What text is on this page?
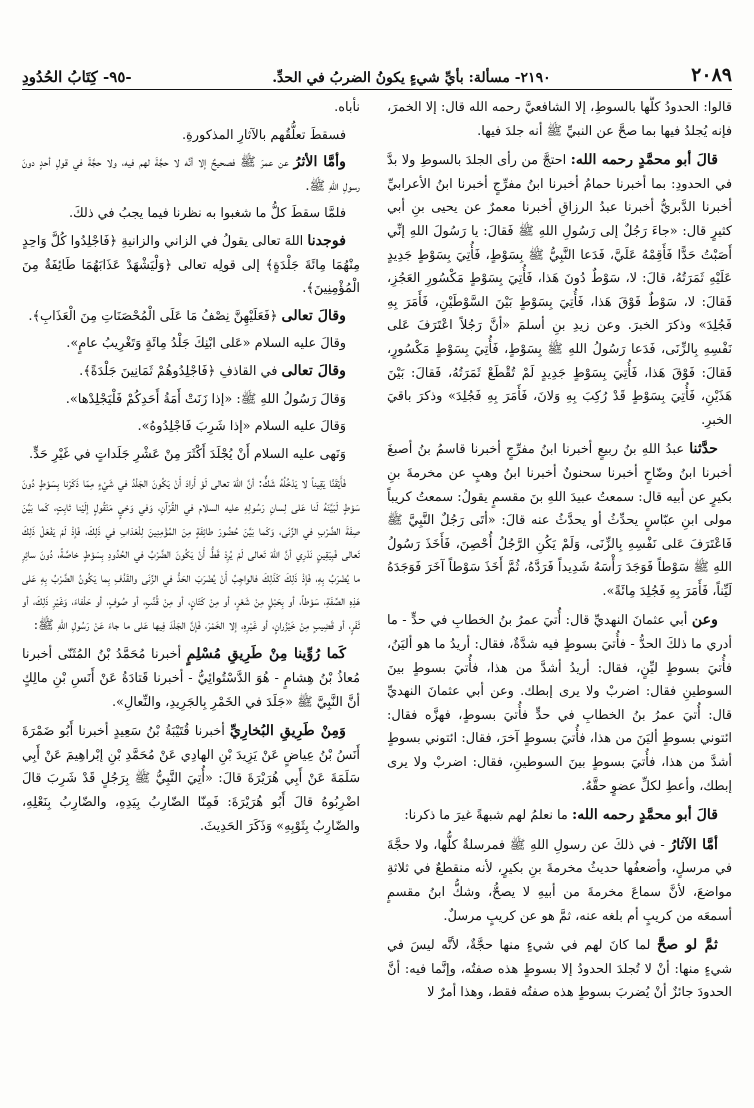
٢٠٨٩
٢١٩٠- مسألة: بأيِّ شيءٍ يكونُ الضربُ في الحدِّ.
-٩٥- كِتَابُ الحُدُودِ

قالوا: الحدودُ كلُّها بالسوطِ، إلا الشافعيَّ رحمه الله قال: إلا الخمرَ، فإنه يُجلدُ فيها بما صحَّ عن النبيِّ ﷺ أنه جلدَ فيها.

قالَ أبو محمَّدٍ رحمه الله: احتجَّ من رأى الجلدَ بالسوطِ ولا بدَّ في الحدودِ: بما أخبرنا حمامُ أخبرنا ابنُ مفرِّجٍ أخبرنا ابنُ الأعرابيِّ أخبرنا الدَّبريُّ أخبرنا عبدُ الرزاقِ أخبرنا معمرٌ عن يحيى بنِ أبي كثيرٍ قال: «جاءَ رَجُلٌ إلى رَسُولِ اللهِ ﷺ فَقالَ: يا رَسُولَ اللهِ إنِّي أَصَبْتُ حَدًّا فَأَقِمْهُ عَلَيَّ، فَدَعا النَّبِيُّ ﷺ بِسَوْطٍ، فَأُتِيَ بِسَوْطٍ جَدِيدٍ عَلَيْهِ ثَمَرَتُهُ، قالَ: لا، سَوْطٌ دُونَ هَذا، فَأُتِيَ بِسَوْطٍ مَكْسُورِ العَجُزِ، فَقالَ: لا، سَوْطٌ فَوْقَ هَذا، فَأُتِيَ بِسَوْطٍ بَيْنَ السَّوْطَيْنِ، فَأَمَرَ بِهِ فَجُلِدَ» وذكرَ الخبرَ. وعن زيدِ بنِ أسلمَ «أنَّ رَجُلاً اعْتَرَفَ عَلى نَفْسِهِ بِالزِّنَى، فَدَعا رَسُولُ اللهِ ﷺ بِسَوْطٍ، فَأُتِيَ بِسَوْطٍ مَكْسُورٍ، فَقالَ: فَوْقَ هَذا، فَأُتِيَ بِسَوْطٍ جَدِيدٍ لَمْ تُقْطَعْ ثَمَرَتُهُ، فَقالَ: بَيْنَ هَذَيْنِ، فَأُتِيَ بِسَوْطٍ قَدْ رُكِبَ بِهِ وَلانَ، فَأَمَرَ بِهِ فَجُلِدَ» وذكرَ باقيَ الخبرِ.

حدَّثنا عبدُ اللهِ بنُ ربيعٍ أخبرنا ابنُ مفرِّجٍ أخبرنا قاسمُ بنُ أصبغَ أخبرنا ابنُ وضّاحٍ أخبرنا سحنونٌ أخبرنا ابنُ وهبٍ عن مخرمةَ بنِ بكيرٍ عن أبيه قال: سمعتُ عبيدَ اللهِ بنَ مقسمٍ يقولُ: سمعتُ كريباً مولى ابنِ عبّاسٍ يحدِّثُ أو يحدَّثُ عنه قالَ: «أتَى رَجُلٌ النَّبِيَّ ﷺ فَاعْتَرَفَ عَلى نَفْسِهِ بِالزِّنَى، وَلَمْ يَكُنِ الرَّجُلُ أُحْصِنَ، فَأَخَذَ رَسُولُ اللهِ ﷺ سَوْطاً فَوَجَدَ رَأْسَهُ شَدِيداً فَرَدَّهُ، ثُمَّ أَخَذَ سَوْطاً آخَرَ فَوَجَدَهُ لَيِّناً، فَأَمَرَ بِهِ فَجُلِدَ مِائَةً».

وعن أبي عثمانَ النهديِّ قال: أُتيَ عمرُ بنُ الخطابِ في حدٍّ - ما أدري ما ذلكَ الحدُّ - فأُتيَ بسوطٍ فيه شدَّةٌ، فقال: أريدُ ما هو أليَنُ، فأُتيَ بسوطٍ ليِّنٍ، فقال: أريدُ أشدَّ من هذا، فأُتيَ بسوطٍ بينَ السوطينِ فقال: اضربْ ولا يرى إبطك. وعن أبي عثمانَ النهديِّ قال: أُتيَ عمرُ بنُ الخطابِ في حدٍّ فأُتيَ بسوطٍ، فهزَّه فقال: ائتوني بسوطٍ أليَنَ من هذا، فأُتيَ بسوطٍ آخرَ، فقال: ائتوني بسوطٍ أشدَّ من هذا، فأُتيَ بسوطٍ بينَ السوطينِ، فقال: اضربْ ولا يرى إبطك، وأعطِ لكلِّ عضوٍ حقَّهُ.

قالَ أبو محمَّدٍ رحمه الله: ما نعلمُ لهم شبهةً غيرَ ما ذكرنا:

أمَّا الآثارُ - في ذلكَ عن رسولِ اللهِ ﷺ فمرسلةٌ كلُّها، ولا حجَّةَ في مرسلٍ، وأضعفُها حديثُ مخرمةَ بنِ بكيرٍ، لأنه منقطعٌ في ثلاثةِ مواضعَ، لأنَّ سماعَ مخرمةَ من أبيهِ لا يصحُّ، وشكُّ ابنُ مقسمٍ أسمعَه من كريبٍ أم بلغه عنه، ثمَّ هو عن كريبٍ مرسلٌ.

ثمَّ لو صحَّ لما كانَ لهم في شيءٍ منها حجَّةٌ، لأنَّه ليسَ في شيءٍ منها: أنْ لا تُجلدَ الحدودُ إلا بسوطٍ هذه صفتُه، وإنَّما فيه: أنَّ الحدودَ جائزٌ أنْ يُضربَ بسوطٍ هذه صفتُه فقط، وهذا أمرٌ لا

نأباه.

فسقطَ تعلُّقُهم بالآثارِ المذكورةِ.

وأمَّا الأثرُ عن عمرَ ﷺ فصحيحٌ إلا أنَّه لا حجَّةَ لهم فيه، ولا حجَّةَ في قولِ أحدٍ دونَ رسولِ اللهِ ﷺ.

فلمَّا سقطَ كلُّ ما شغبوا به نظرنا فيما يجبُ في ذلكَ.

فوجدنا اللهَ تعالى يقولُ في الزاني والزانيةِ ﴿فَاجْلِدُوا كُلَّ وَاحِدٍ مِنْهُمَا مِائَةَ جَلْدَةٍ﴾ إلى قولِه تعالى ﴿وَلْيَشْهَدْ عَذَابَهُمَا طَائِفَةٌ مِنَ الْمُؤْمِنِينَ﴾.

وقالَ تعالى ﴿فَعَلَيْهِنَّ نِصْفُ مَا عَلَى الْمُحْصَنَاتِ مِنَ الْعَذَابِ﴾.

وقالَ عليه السلام «عَلى ابْنِكَ جَلْدُ مِائَةٍ وَتَغْرِيبُ عامٍ».

وقالَ تعالى في القاذفِ ﴿فَاجْلِدُوهُمْ ثَمَانِينَ جَلْدَةً﴾.

وَقالَ رَسُولُ اللهِ ﷺ: «إذا زَنَتْ أَمَةُ أَحَدِكُمْ فَلْيَجْلِدْها».

وَقالَ عليه السلام «إذا شَرِبَ فَاجْلِدُوهُ».

وَنَهى عليه السلام أَنْ يُجْلَدَ أَكْثَرَ مِنْ عَشْرِ جَلَداتٍ في غَيْرِ حَدٍّ.

فَأَيْقَنَّا يَقِيناً لا يَدْخُلُهُ شَكٌّ: أنَّ اللهَ تعالى لَوْ أَرادَ أَنْ يَكُونَ الجَلْدُ في شَيْءٍ مِمّا ذَكَرْنا بِسَوْطٍ دُونَ سَوْطٍ لَبَيَّنَهُ لَنا عَلى لِسانِ رَسُولِهِ عليه السلام في القُرْآنِ، وَفي وَحْيٍ مَنْقُولٍ إلَيْنا ثابِتٍ، كَما بَيَّنَ صِفَةَ الضَّرْبِ في الزِّنَى، وَكَما بَيَّنَ حُضُورَ طائِفَةٍ مِنَ المُؤْمِنِينَ لِلْعَذابِ في ذَلِكَ، فَإذْ لَمْ يَفْعَلْ ذَلِكَ تَعالى فَبِيَقِينٍ نَدْرِي أنَّ اللهَ تَعالى لَمْ يُرِدْ قَطُّ أَنْ يَكُونَ الضَّرْبُ في الحُدُودِ بِسَوْطٍ خاصَّةً، دُونَ سائِرِ ما يُضْرَبُ بِهِ، فَإذْ ذَلِكَ كَذَلِكَ فالواجِبُ أَنْ يُضْرَبَ الحَدُّ في الزِّنَى والقَذْفِ بِما يَكُونُ الضَّرْبُ بِهِ عَلى هَذِهِ الصِّفَةِ، سَوْطاً، أو بِحَبْلٍ مِنْ شَعْرٍ، أو مِنْ كَتّانٍ، أو مِنْ قُنَّبٍ، أو صُوفٍ، أو حَلْفاءَ، وَغَيْرِ ذَلِكَ، أو ثَفَرٍ، أو قَضِيبٍ مِنْ خَيْزُرانٍ، أو غَيْرِهِ، إلا الخَمْرَ، فَإنَّ الجَلْدَ فِيها عَلى ما جاءَ عَنْ رَسُولِ اللهِ ﷺ:

كَما رُوِّينا مِنْ طَرِيقِ مُسْلِمٍ أخبرنا مُحَمَّدُ بْنُ المُثَنّى أخبرنا مُعاذُ بْنُ هِشامٍ - هُوَ الدَّسْتُوائِيُّ - أخبرنا قَتادَةُ عَنْ أَنَسِ بْنِ مالِكٍ أنَّ النَّبِيَّ ﷺ «جَلَدَ في الخَمْرِ بِالجَرِيدِ، والنِّعالِ».

وَمِنْ طَرِيقِ البُخارِيِّ أخبرنا قُتَيْبَةُ بْنُ سَعِيدٍ أخبرنا أَبُو ضَمْرَةَ أَنَسُ بْنُ عِياضٍ عَنْ يَزِيدَ بْنِ الهادِي عَنْ مُحَمَّدِ بْنِ إبْراهِيمَ عَنْ أَبِي سَلَمَةَ عَنْ أَبِي هُرَيْرَةَ قالَ: «أُتِيَ النَّبِيُّ ﷺ بِرَجُلٍ قَدْ شَرِبَ قالَ اضْرِبُوهُ قالَ أَبُو هُرَيْرَةَ: فَمِنّا الضّارِبُ بِيَدِهِ، والضّارِبُ بِنَعْلِهِ، والضّارِبُ بِثَوْبِهِ» وَذَكَرَ الحَدِيثَ.
